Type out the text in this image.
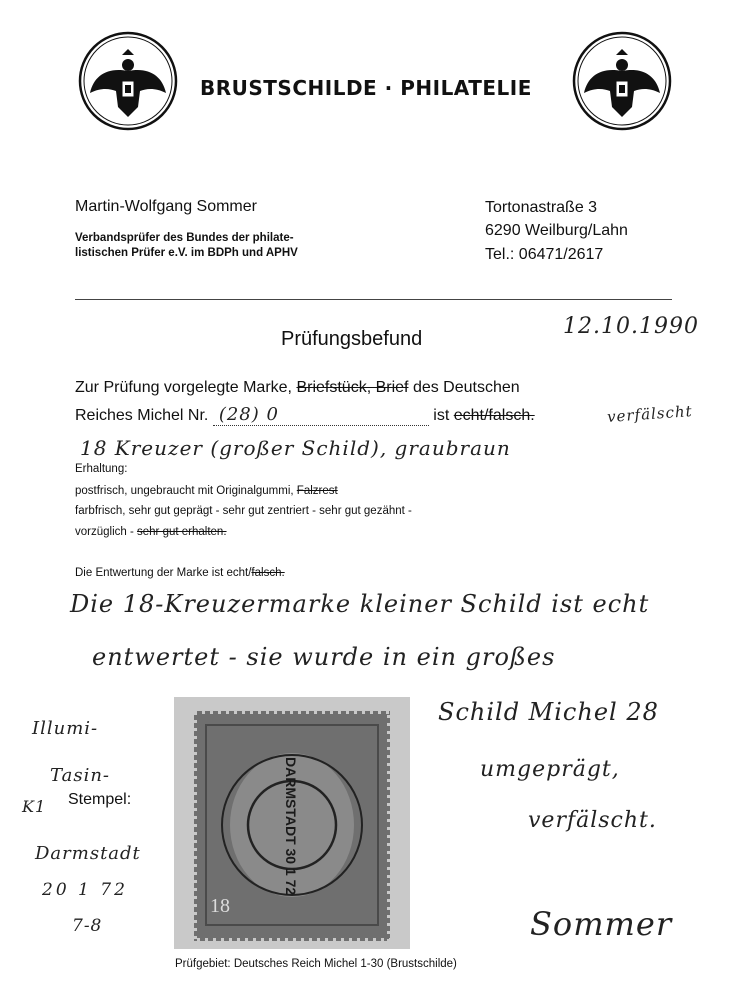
BRUSTSCHILDE · PHILATELIE
Martin-Wolfgang Sommer
Verbandsprüfer des Bundes der philate-
listischen Prüfer e.V. im BDPh und APHV
Tortonastraße 3
6290 Weilburg/Lahn
Tel.: 06471/2617
Prüfungsbefund	12.10.1990
Zur Prüfung vorgelegte Marke, Briefstück, Brief des Deutschen
Reiches Michel Nr. (28) 0	ist echt/falsch.	verfälscht
18 Kreuzer (großer Schild), graubraun
Erhaltung:
postfrisch, ungebraucht mit Originalgummi, Falzrest
farbfrisch, sehr gut geprägt - sehr gut zentriert - sehr gut gezähnt -
vorzüglich - sehr gut erhalten.
Die Entwertung der Marke ist echt/falsch.
Die 18-Kreuzermarke kleiner Schild ist echt
entwertet - sie wurde in ein großes
Schild Michel 28
umgeprägt,
verfälscht.
Illumi-
Tasin-
K1 Stempel:
Darmstadt
20 1 72
7-8
DARMSTADT 30 1 72
18
Prüfgebiet: Deutsches Reich Michel 1-30 (Brustschilde)
Sommer
